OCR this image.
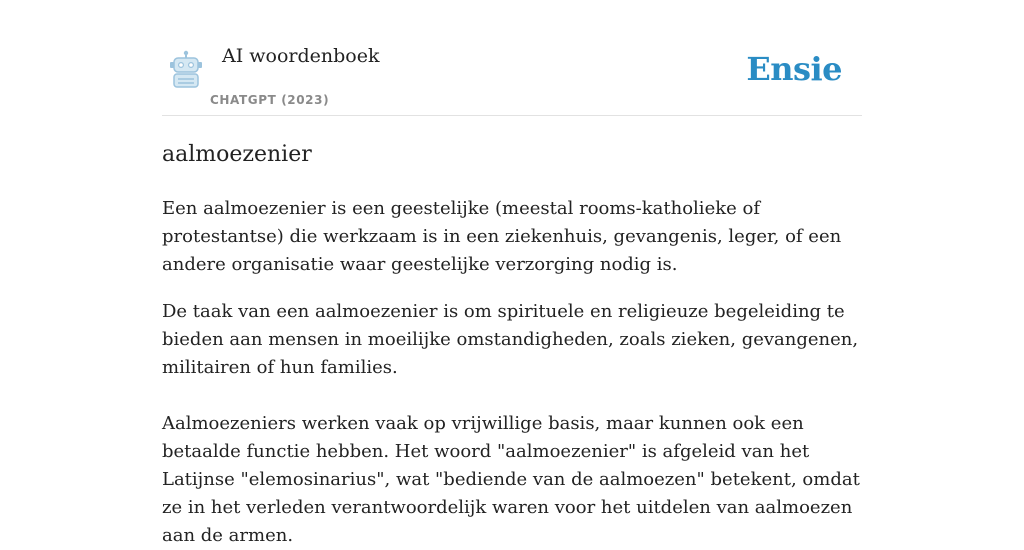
AI woordenboek
CHATGPT (2023)
Ensie
aalmoezenier

Een aalmoezenier is een geestelijke (meestal rooms-katholieke of protestantse) die werkzaam is in een ziekenhuis, gevangenis, leger, of een andere organisatie waar geestelijke verzorging nodig is.

De taak van een aalmoezenier is om spirituele en religieuze begeleiding te bieden aan mensen in moeilijke omstandigheden, zoals zieken, gevangenen, militairen of hun families.

Aalmoezeniers werken vaak op vrijwillige basis, maar kunnen ook een betaalde functie hebben. Het woord "aalmoezenier" is afgeleid van het Latijnse "elemosinarius", wat "bediende van de aalmoezen" betekent, omdat ze in het verleden verantwoordelijk waren voor het uitdelen van aalmoezen aan de armen.
